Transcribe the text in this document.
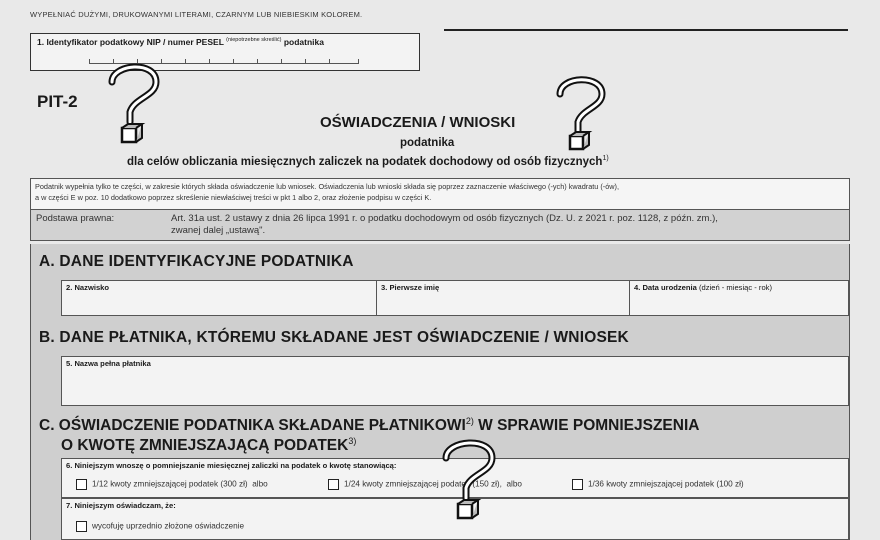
WYPEŁNIAĆ DUŻYMI, DRUKOWANYMI LITERAMI, CZARNYM LUB NIEBIESKIM KOLOREM.
1. Identyfikator podatkowy NIP / numer PESEL $^{(niepotrzebne skreślić)}$ podatnika
PIT-2
OŚWIADCZENIA / WNIOSKI
podatnika
dla celów obliczania miesięcznych zaliczek na podatek dochodowy od osób fizycznych$^{1)}$
Podatnik wypełnia tylko te części, w zakresie których składa oświadczenie lub wniosek. Oświadczenia lub wnioski składa się poprzez zaznaczenie właściwego (-ych) kwadratu (-ów),
a w części E w poz. 10 dodatkowo poprzez skreślenie niewłaściwej treści w pkt 1 albo 2, oraz złożenie podpisu w części K.
Podstawa prawna:	Art. 31a ust. 2 ustawy z dnia 26 lipca 1991 r. o podatku dochodowym od osób fizycznych (Dz. U. z 2021 r. poz. 1128, z późn. zm.),
zwanej dalej „ustawą".
A. DANE IDENTYFIKACYJNE PODATNIKA
2. Nazwisko	3. Pierwsze imię	4. Data urodzenia (dzień - miesiąc - rok)
B. DANE PŁATNIKA, KTÓREMU SKŁADANE JEST OŚWIADCZENIE / WNIOSEK
5. Nazwa pełna płatnika
C. OŚWIADCZENIE PODATNIKA SKŁADANE PŁATNIKOWI$^{2)}$ W SPRAWIE POMNIEJSZENIA
O KWOTĘ ZMNIEJSZAJĄCĄ PODATEK$^{3)}$
6. Niniejszym wnoszę o pomniejszanie miesięcznej zaliczki na podatek o kwotę stanowiącą:
1/12 kwoty zmniejszającej podatek (300 zł) albo	1/24 kwoty zmniejszającej podatek (150 zł), albo	1/36 kwoty zmniejszającej podatek (100 zł)
7. Niniejszym oświadczam, że:
wycofuję uprzednio złożone oświadczenie
